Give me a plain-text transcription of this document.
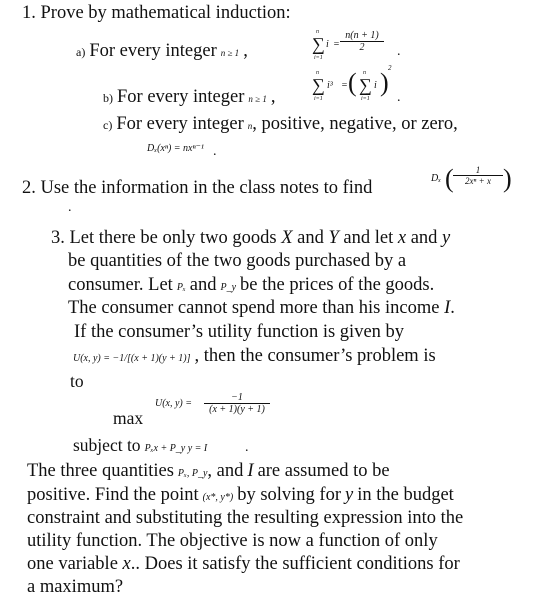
1. Prove by mathematical induction:
a) For every integer n ≥ 1 ,
n
∑
i=1
$i = \frac{n(n + 1)}{2}$ .
b) For every integer n ≥ 1 ,
n
∑
i=1
i³ = ( n
∑
i=1
i ) 2
.
c) For every integer n, positive, negative, or zero,
Dₓ(xⁿ) = nxⁿ⁻¹ .
2. Use the information in the class notes to find	Dₓ ( $\frac{1}{\text{2xⁿ + x}}$ )
.
3. Let there be only two goods X and Y and let x and y
be quantities of the two goods purchased by a
consumer. Let Pₓ and P_y be the prices of the goods.
The consumer cannot spend more than his income I.
If the consumer’s utility function is given by
U(x, y) = −1/[(x + 1)(y + 1)] , then the consumer’s problem is
to
max
U(x, $y) = \frac{-1}{(x + 1)(y + 1)}$
subject to Pₓx + P_y y = I	.
The three quantities Pₓ, P_y, and I are assumed to be
positive. Find the point (x*, y*) by solving for y in the budget
constraint and substituting the resulting expression into the
utility function. The objective is now a function of only
one variable x.. Does it satisfy the sufficient conditions for
a maximum?
